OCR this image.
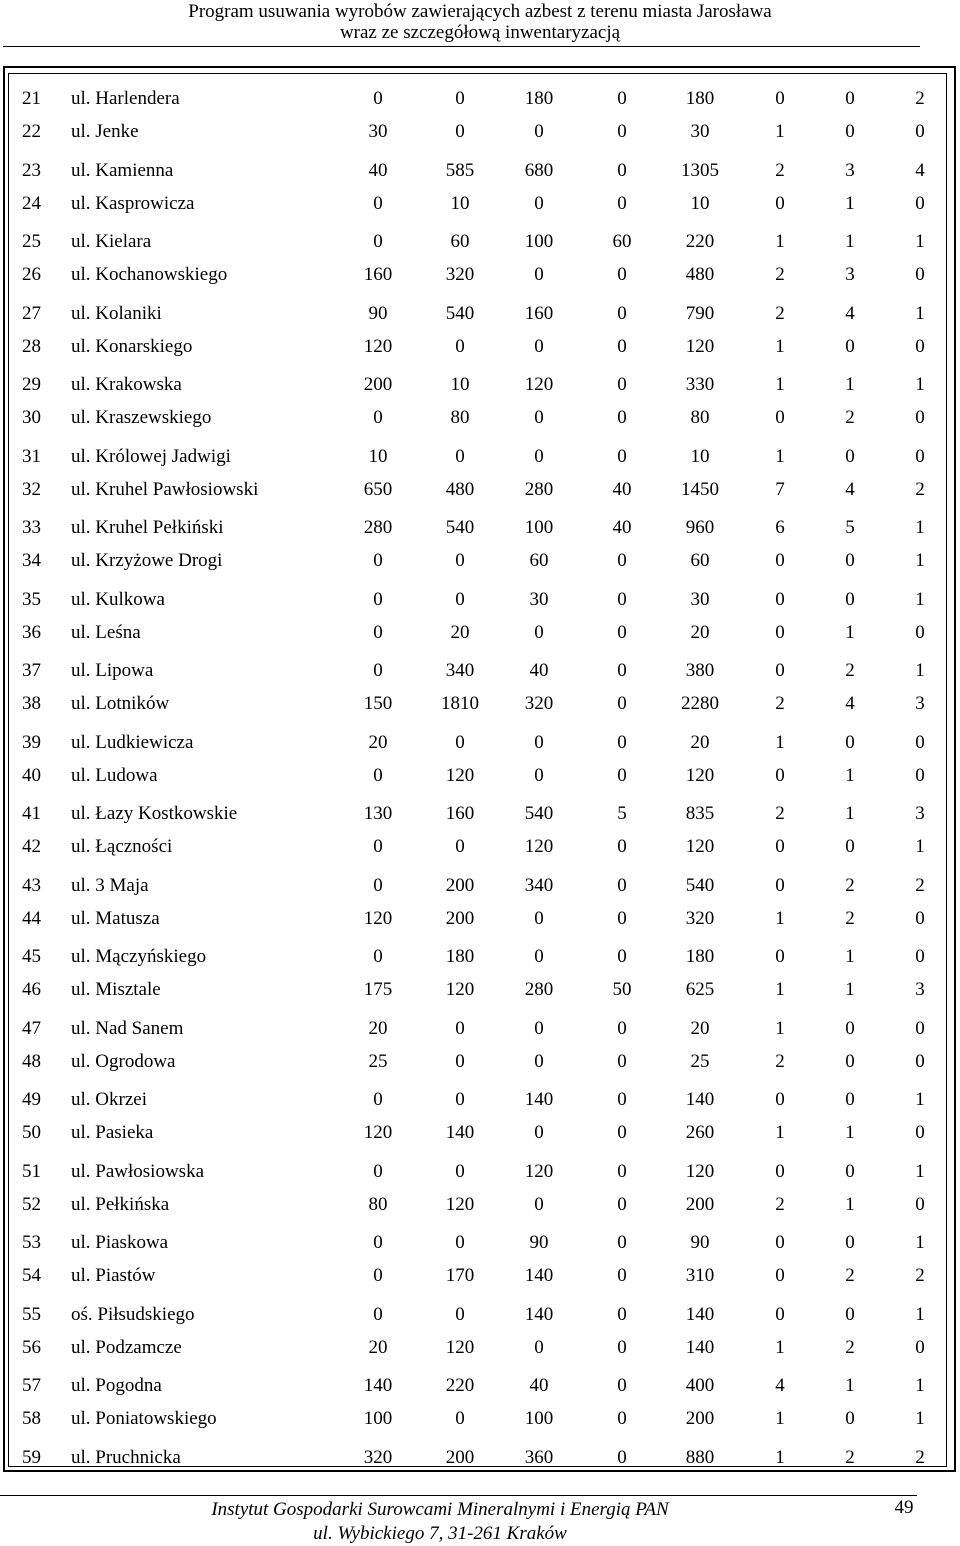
Program usuwania wyrobów zawierających azbest z terenu miasta Jarosława
wraz ze szczegółową inwentaryzacją
21 ul. Harlendera	0	0	180	0	180	0	0	2
22 ul. Jenke	30	0	0	0	30	1	0	0
23 ul. Kamienna	40	585	680	0	1305	2	3	4
24 ul. Kasprowicza	0	10	0	0	10	0	1	0
25 ul. Kielara	0	60	100	60	220	1	1	1
26 ul. Kochanowskiego	160	320	0	0	480	2	3	0
27 ul. Kolaniki	90	540	160	0	790	2	4	1
28 ul. Konarskiego	120	0	0	0	120	1	0	0
29 ul. Krakowska	200	10	120	0	330	1	1	1
30 ul. Kraszewskiego	0	80	0	0	80	0	2	0
31 ul. Królowej Jadwigi	10	0	0	0	10	1	0	0
32 ul. Kruhel Pawłosiowski	650	480	280	40	1450	7	4	2
33 ul. Kruhel Pełkiński	280	540	100	40	960	6	5	1
34 ul. Krzyżowe Drogi	0	0	60	0	60	0	0	1
35 ul. Kulkowa	0	0	30	0	30	0	0	1
36 ul. Leśna	0	20	0	0	20	0	1	0
37 ul. Lipowa	0	340	40	0	380	0	2	1
38 ul. Lotników	150	1810	320	0	2280	2	4	3
39 ul. Ludkiewicza	20	0	0	0	20	1	0	0
40 ul. Ludowa	0	120	0	0	120	0	1	0
41 ul. Łazy Kostkowskie	130	160	540	5	835	2	1	3
42 ul. Łączności	0	0	120	0	120	0	0	1
43 ul. 3 Maja	0	200	340	0	540	0	2	2
44 ul. Matusza	120	200	0	0	320	1	2	0
45 ul. Mączyńskiego	0	180	0	0	180	0	1	0
46 ul. Misztale	175	120	280	50	625	1	1	3
47 ul. Nad Sanem	20	0	0	0	20	1	0	0
48 ul. Ogrodowa	25	0	0	0	25	2	0	0
49 ul. Okrzei	0	0	140	0	140	0	0	1
50 ul. Pasieka	120	140	0	0	260	1	1	0
51 ul. Pawłosiowska	0	0	120	0	120	0	0	1
52 ul. Pełkińska	80	120	0	0	200	2	1	0
53 ul. Piaskowa	0	0	90	0	90	0	0	1
54 ul. Piastów	0	170	140	0	310	0	2	2
55 oś. Piłsudskiego	0	0	140	0	140	0	0	1
56 ul. Podzamcze	20	120	0	0	140	1	2	0
57 ul. Pogodna	140	220	40	0	400	4	1	1
58 ul. Poniatowskiego	100	0	100	0	200	1	0	1
59 ul. Pruchnicka	320	200	360	0	880	1	2	2
Instytut Gospodarki Surowcami Mineralnymi i Energią PAN
ul. Wybickiego 7, 31-261 Kraków
49
